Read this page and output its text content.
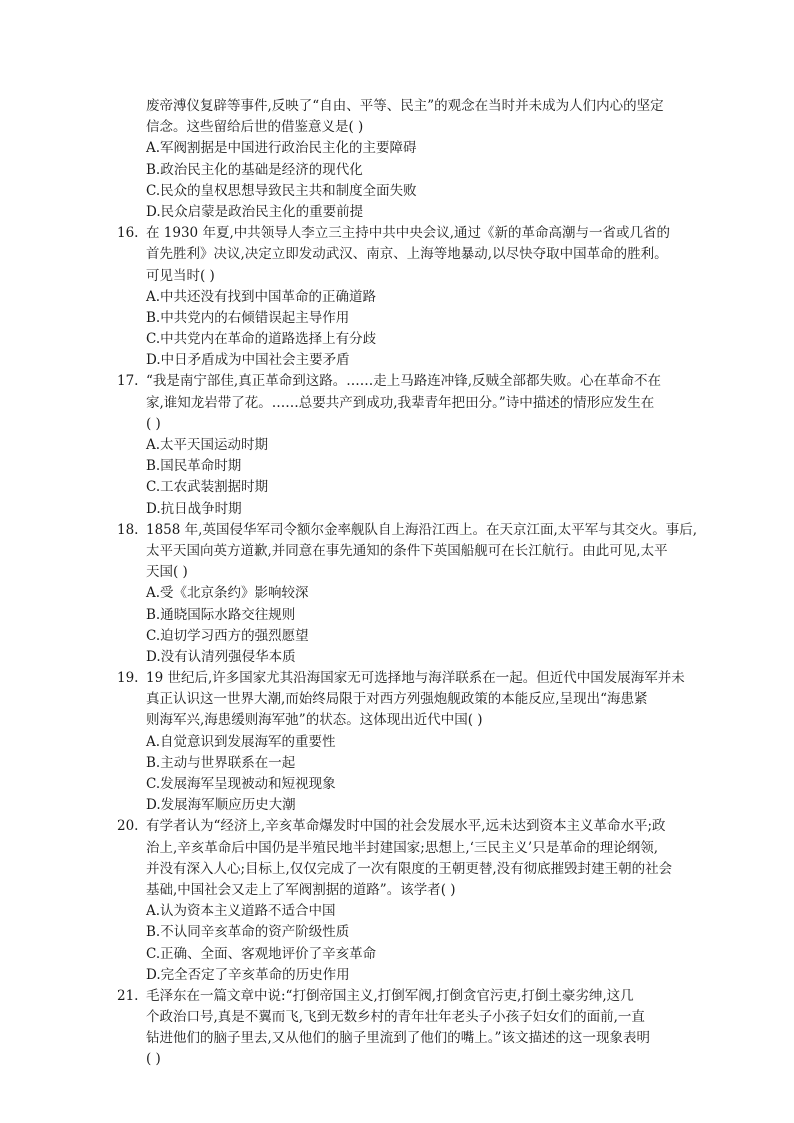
废帝溥仪复辟等事件,反映了“自由、平等、民主”的观念在当时并未成为人们内心的坚定
信念。这些留给后世的借鉴意义是( )
A.军阀割据是中国进行政治民主化的主要障碍
B.政治民主化的基础是经济的现代化
C.民众的皇权思想导致民主共和制度全面失败
D.民众启蒙是政治民主化的重要前提
16. 在 1930 年夏,中共领导人李立三主持中共中央会议,通过《新的革命高潮与一省或几省的
首先胜利》决议,决定立即发动武汉、南京、上海等地暴动,以尽快夺取中国革命的胜利。
可见当时( )
A.中共还没有找到中国革命的正确道路
B.中共党内的右倾错误起主导作用
C.中共党内在革命的道路选择上有分歧
D.中日矛盾成为中国社会主要矛盾
17. “我是南宁部佳,真正革命到这路。……走上马路连冲锋,反贼全部都失败。心在革命不在
家,谁知龙岩带了花。……总要共产到成功,我辈青年把田分。”诗中描述的情形应发生在
( )
A.太平天国运动时期
B.国民革命时期
C.工农武装割据时期
D.抗日战争时期
18. 1858 年,英国侵华军司令额尔金率舰队自上海沿江西上。在天京江面,太平军与其交火。事后,
太平天国向英方道歉,并同意在事先通知的条件下英国船舰可在长江航行。由此可见,太平
天国( )
A.受《北京条约》影响较深
B.通晓国际水路交往规则
C.迫切学习西方的强烈愿望
D.没有认清列强侵华本质
19. 19 世纪后,许多国家尤其沿海国家无可选择地与海洋联系在一起。但近代中国发展海军并未
真正认识这一世界大潮,而始终局限于对西方列强炮舰政策的本能反应,呈现出“海患紧
则海军兴,海患缓则海军弛”的状态。这体现出近代中国( )
A.自觉意识到发展海军的重要性
B.主动与世界联系在一起
C.发展海军呈现被动和短视现象
D.发展海军顺应历史大潮
20. 有学者认为“经济上,辛亥革命爆发时中国的社会发展水平,远未达到资本主义革命水平;政
治上,辛亥革命后中国仍是半殖民地半封建国家;思想上,‘三民主义’只是革命的理论纲领,
并没有深入人心;目标上,仅仅完成了一次有限度的王朝更替,没有彻底摧毁封建王朝的社会
基础,中国社会又走上了军阀割据的道路”。该学者( )
A.认为资本主义道路不适合中国
B.不认同辛亥革命的资产阶级性质
C.正确、全面、客观地评价了辛亥革命
D.完全否定了辛亥革命的历史作用
21. 毛泽东在一篇文章中说:“打倒帝国主义,打倒军阀,打倒贪官污吏,打倒土豪劣绅,这几
个政治口号,真是不翼而飞,飞到无数乡村的青年壮年老头子小孩子妇女们的面前,一直
钻进他们的脑子里去,又从他们的脑子里流到了他们的嘴上。”该文描述的这一现象表明
( )
